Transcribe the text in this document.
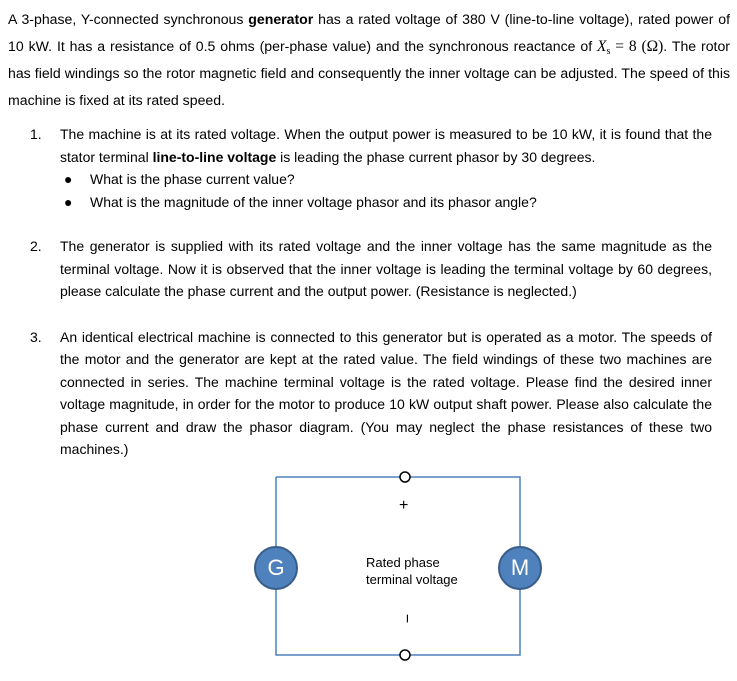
A 3-phase, Y-connected synchronous generator has a rated voltage of 380 V (line-to-line voltage), rated power of 10 kW. It has a resistance of 0.5 ohms (per-phase value) and the synchronous reactance of $X_s = 8$ (Ω). The rotor has field windings so the rotor magnetic field and consequently the inner voltage can be adjusted. The speed of this machine is fixed at its rated speed.
1. The machine is at its rated voltage. When the output power is measured to be 10 kW, it is found that the stator terminal line-to-line voltage is leading the phase current phasor by 30 degrees.
● What is the phase current value?
● What is the magnitude of the inner voltage phasor and its phasor angle?
2. The generator is supplied with its rated voltage and the inner voltage has the same magnitude as the terminal voltage. Now it is observed that the inner voltage is leading the terminal voltage by 60 degrees, please calculate the phase current and the output power. (Resistance is neglected.)
3. An identical electrical machine is connected to this generator but is operated as a motor. The speeds of the motor and the generator are kept at the rated value. The field windings of these two machines are connected in series. The machine terminal voltage is the rated voltage. Please find the desired inner voltage magnitude, in order for the motor to produce 10 kW output shaft power. Please also calculate the phase current and draw the phasor diagram. (You may neglect the phase resistances of these two machines.)
+
−
Rated phase
terminal voltage
G	M
